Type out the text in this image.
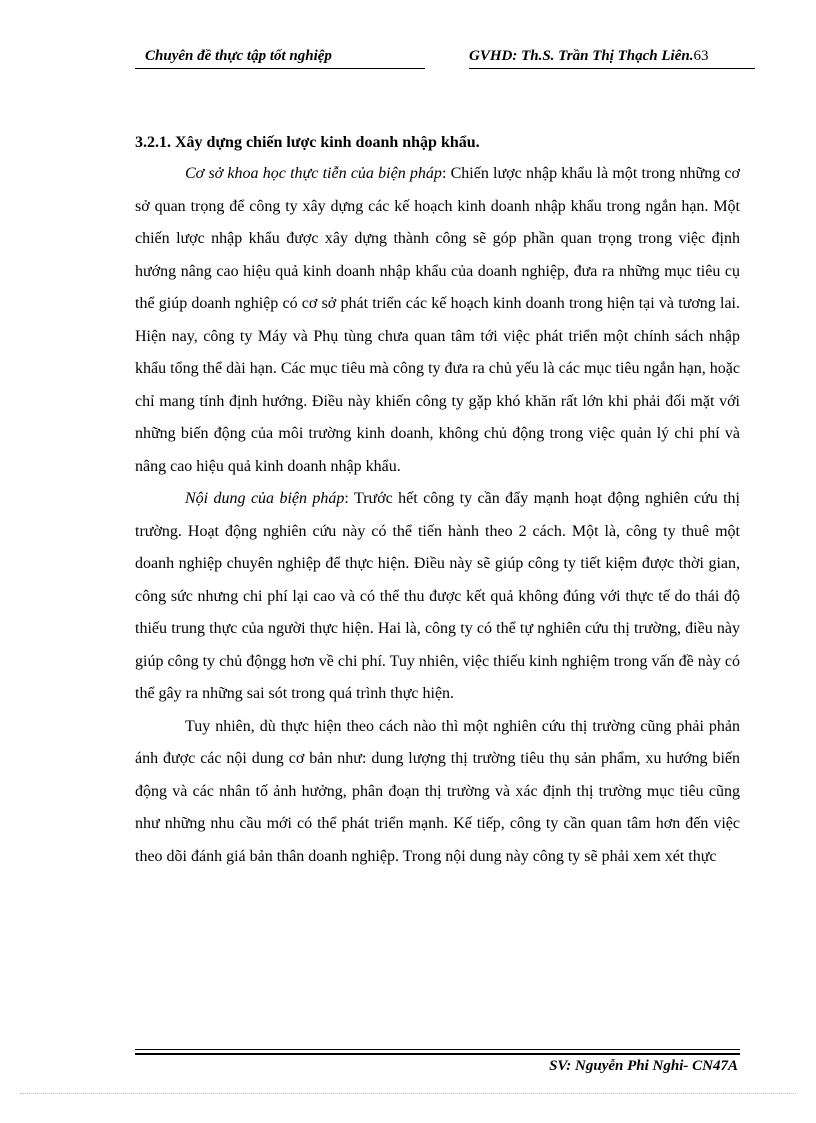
Chuyên đề thực tập tốt nghiệp	GVHD: Th.S. Trần Thị Thạch Liên.63

3.2.1. Xây dựng chiến lược kinh doanh nhập khẩu.

Cơ sở khoa học thực tiễn của biện pháp: Chiến lược nhập khẩu là một trong những cơ sở quan trọng để công ty xây dựng các kế hoạch kinh doanh nhập khẩu trong ngắn hạn. Một chiến lược nhập khẩu được xây dựng thành công sẽ góp phần quan trọng trong việc định hướng nâng cao hiệu quả kinh doanh nhập khẩu của doanh nghiệp, đưa ra những mục tiêu cụ thể giúp doanh nghiệp có cơ sở phát triển các kế hoạch kinh doanh trong hiện tại và tương lai. Hiện nay, công ty Máy và Phụ tùng chưa quan tâm tới việc phát triển một chính sách nhập khẩu tổng thể dài hạn. Các mục tiêu mà công ty đưa ra chủ yếu là các mục tiêu ngắn hạn, hoặc chỉ mang tính định hướng. Điều này khiến công ty gặp khó khăn rất lớn khi phải đối mặt với những biến động của môi trường kinh doanh, không chủ động trong việc quản lý chi phí và nâng cao hiệu quả kinh doanh nhập khẩu.

Nội dung của biện pháp: Trước hết công ty cần đẩy mạnh hoạt động nghiên cứu thị trường. Hoạt động nghiên cứu này có thể tiến hành theo 2 cách. Một là, công ty thuê một doanh nghiệp chuyên nghiệp để thực hiện. Điều này sẽ giúp công ty tiết kiệm được thời gian, công sức nhưng chi phí lại cao và có thể thu được kết quả không đúng với thực tế do thái độ thiếu trung thực của người thực hiện. Hai là, công ty có thể tự nghiên cứu thị trường, điều này giúp công ty chủ độngg hơn về chi phí. Tuy nhiên, việc thiếu kinh nghiệm trong vấn đề này có thể gây ra những sai sót trong quá trình thực hiện.

Tuy nhiên, dù thực hiện theo cách nào thì một nghiên cứu thị trường cũng phải phản ánh được các nội dung cơ bản như: dung lượng thị trường tiêu thụ sản phẩm, xu hướng biến động và các nhân tố ảnh hưởng, phân đoạn thị trường và xác định thị trường mục tiêu cũng như những nhu cầu mới có thể phát triển mạnh. Kế tiếp, công ty cần quan tâm hơn đến việc theo dõi đánh giá bản thân doanh nghiệp. Trong nội dung này công ty sẽ phải xem xét thực

SV: Nguyễn Phi Nghi- CN47A
